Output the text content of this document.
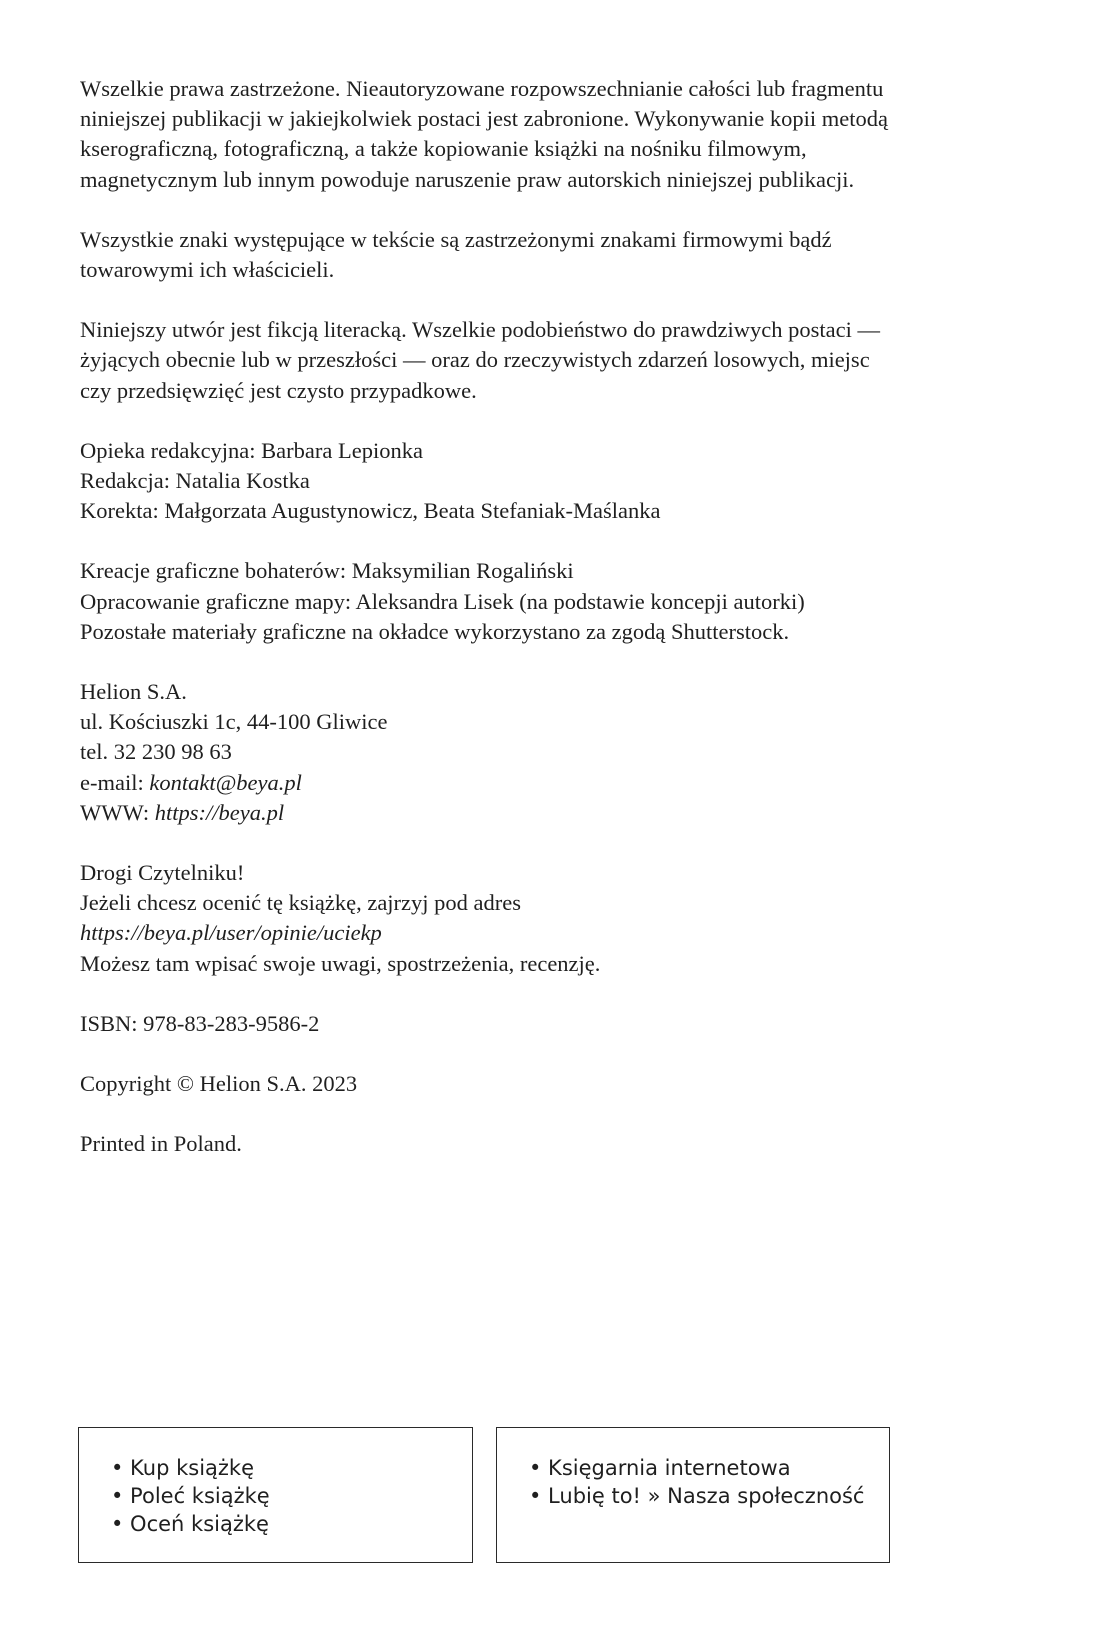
Wszelkie prawa zastrzeżone. Nieautoryzowane rozpowszechnianie całości lub fragmentu
niniejszej publikacji w jakiejkolwiek postaci jest zabronione. Wykonywanie kopii metodą
kserograficzną, fotograficzną, a także kopiowanie książki na nośniku filmowym,
magnetycznym lub innym powoduje naruszenie praw autorskich niniejszej publikacji.

Wszystkie znaki występujące w tekście są zastrzeżonymi znakami firmowymi bądź
towarowymi ich właścicieli.

Niniejszy utwór jest fikcją literacką. Wszelkie podobieństwo do prawdziwych postaci —
żyjących obecnie lub w przeszłości — oraz do rzeczywistych zdarzeń losowych, miejsc
czy przedsięwzięć jest czysto przypadkowe.

Opieka redakcyjna: Barbara Lepionka
Redakcja: Natalia Kostka
Korekta: Małgorzata Augustynowicz, Beata Stefaniak-Maślanka

Kreacje graficzne bohaterów: Maksymilian Rogaliński
Opracowanie graficzne mapy: Aleksandra Lisek (na podstawie koncepji autorki)
Pozostałe materiały graficzne na okładce wykorzystano za zgodą Shutterstock.

Helion S.A.
ul. Kościuszki 1c, 44-100 Gliwice
tel. 32 230 98 63
e-mail: kontakt@beya.pl
WWW: https://beya.pl

Drogi Czytelniku!
Jeżeli chcesz ocenić tę książkę, zajrzyj pod adres
https://beya.pl/user/opinie/uciekp
Możesz tam wpisać swoje uwagi, spostrzeżenia, recenzję.

ISBN: 978-83-283-9586-2

Copyright © Helion S.A. 2023

Printed in Poland.

• Kup książkę
• Poleć książkę
• Oceń książkę
• Księgarnia internetowa
• Lubię to! » Nasza społeczność
